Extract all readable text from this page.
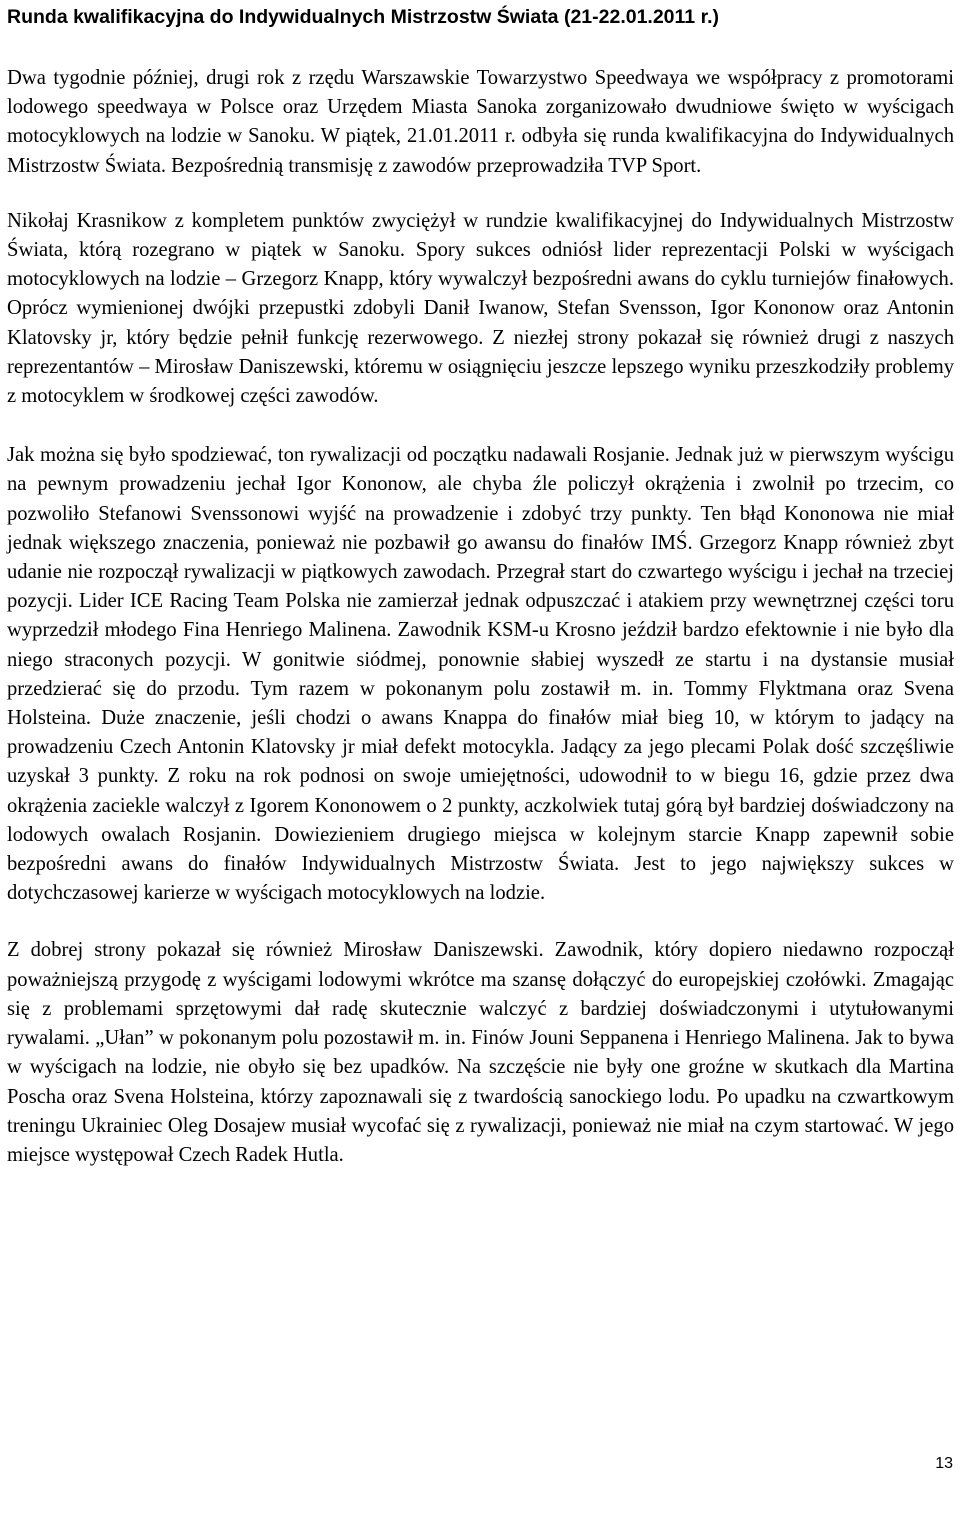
Runda kwalifikacyjna do Indywidualnych Mistrzostw Świata (21-22.01.2011 r.)

Dwa tygodnie później, drugi rok z rzędu Warszawskie Towarzystwo Speedwaya we współpracy z promotorami lodowego speedwaya w Polsce oraz Urzędem Miasta Sanoka zorganizowało dwudniowe święto w wyścigach motocyklowych na lodzie w Sanoku. W piątek, 21.01.2011 r. odbyła się runda kwalifikacyjna do Indywidualnych Mistrzostw Świata. Bezpośrednią transmisję z zawodów przeprowadziła TVP Sport.

Nikołaj Krasnikow z kompletem punktów zwyciężył w rundzie kwalifikacyjnej do Indywidualnych Mistrzostw Świata, którą rozegrano w piątek w Sanoku. Spory sukces odniósł lider reprezentacji Polski w wyścigach motocyklowych na lodzie – Grzegorz Knapp, który wywalczył bezpośredni awans do cyklu turniejów finałowych. Oprócz wymienionej dwójki przepustki zdobyli Danił Iwanow, Stefan Svensson, Igor Kononow oraz Antonin Klatovsky jr, który będzie pełnił funkcję rezerwowego. Z niezłej strony pokazał się również drugi z naszych reprezentantów – Mirosław Daniszewski, któremu w osiągnięciu jeszcze lepszego wyniku przeszkodziły problemy z motocyklem w środkowej części zawodów.

Jak można się było spodziewać, ton rywalizacji od początku nadawali Rosjanie. Jednak już w pierwszym wyścigu na pewnym prowadzeniu jechał Igor Kononow, ale chyba źle policzył okrążenia i zwolnił po trzecim, co pozwoliło Stefanowi Svenssonowi wyjść na prowadzenie i zdobyć trzy punkty. Ten błąd Kononowa nie miał jednak większego znaczenia, ponieważ nie pozbawił go awansu do finałów IMŚ. Grzegorz Knapp również zbyt udanie nie rozpoczął rywalizacji w piątkowych zawodach. Przegrał start do czwartego wyścigu i jechał na trzeciej pozycji. Lider ICE Racing Team Polska nie zamierzał jednak odpuszczać i atakiem przy wewnętrznej części toru wyprzedził młodego Fina Henriego Malinena. Zawodnik KSM-u Krosno jeździł bardzo efektownie i nie było dla niego straconych pozycji. W gonitwie siódmej, ponownie słabiej wyszedł ze startu i na dystansie musiał przedzierać się do przodu. Tym razem w pokonanym polu zostawił m. in. Tommy Flyktmana oraz Svena Holsteina. Duże znaczenie, jeśli chodzi o awans Knappa do finałów miał bieg 10, w którym to jadący na prowadzeniu Czech Antonin Klatovsky jr miał defekt motocykla. Jadący za jego plecami Polak dość szczęśliwie uzyskał 3 punkty. Z roku na rok podnosi on swoje umiejętności, udowodnił to w biegu 16, gdzie przez dwa okrążenia zaciekle walczył z Igorem Kononowem o 2 punkty, aczkolwiek tutaj górą był bardziej doświadczony na lodowych owalach Rosjanin. Dowiezieniem drugiego miejsca w kolejnym starcie Knapp zapewnił sobie bezpośredni awans do finałów Indywidualnych Mistrzostw Świata. Jest to jego największy sukces w dotychczasowej karierze w wyścigach motocyklowych na lodzie.

Z dobrej strony pokazał się również Mirosław Daniszewski. Zawodnik, który dopiero niedawno rozpoczął poważniejszą przygodę z wyścigami lodowymi wkrótce ma szansę dołączyć do europejskiej czołówki. Zmagając się z problemami sprzętowymi dał radę skutecznie walczyć z bardziej doświadczonymi i utytułowanymi rywalami. „Ułan” w pokonanym polu pozostawił m. in. Finów Jouni Seppanena i Henriego Malinena. Jak to bywa w wyścigach na lodzie, nie obyło się bez upadków. Na szczęście nie były one groźne w skutkach dla Martina Poscha oraz Svena Holsteina, którzy zapoznawali się z twardością sanockiego lodu. Po upadku na czwartkowym treningu Ukrainiec Oleg Dosajew musiał wycofać się z rywalizacji, ponieważ nie miał na czym startować. W jego miejsce występował Czech Radek Hutla.

13
